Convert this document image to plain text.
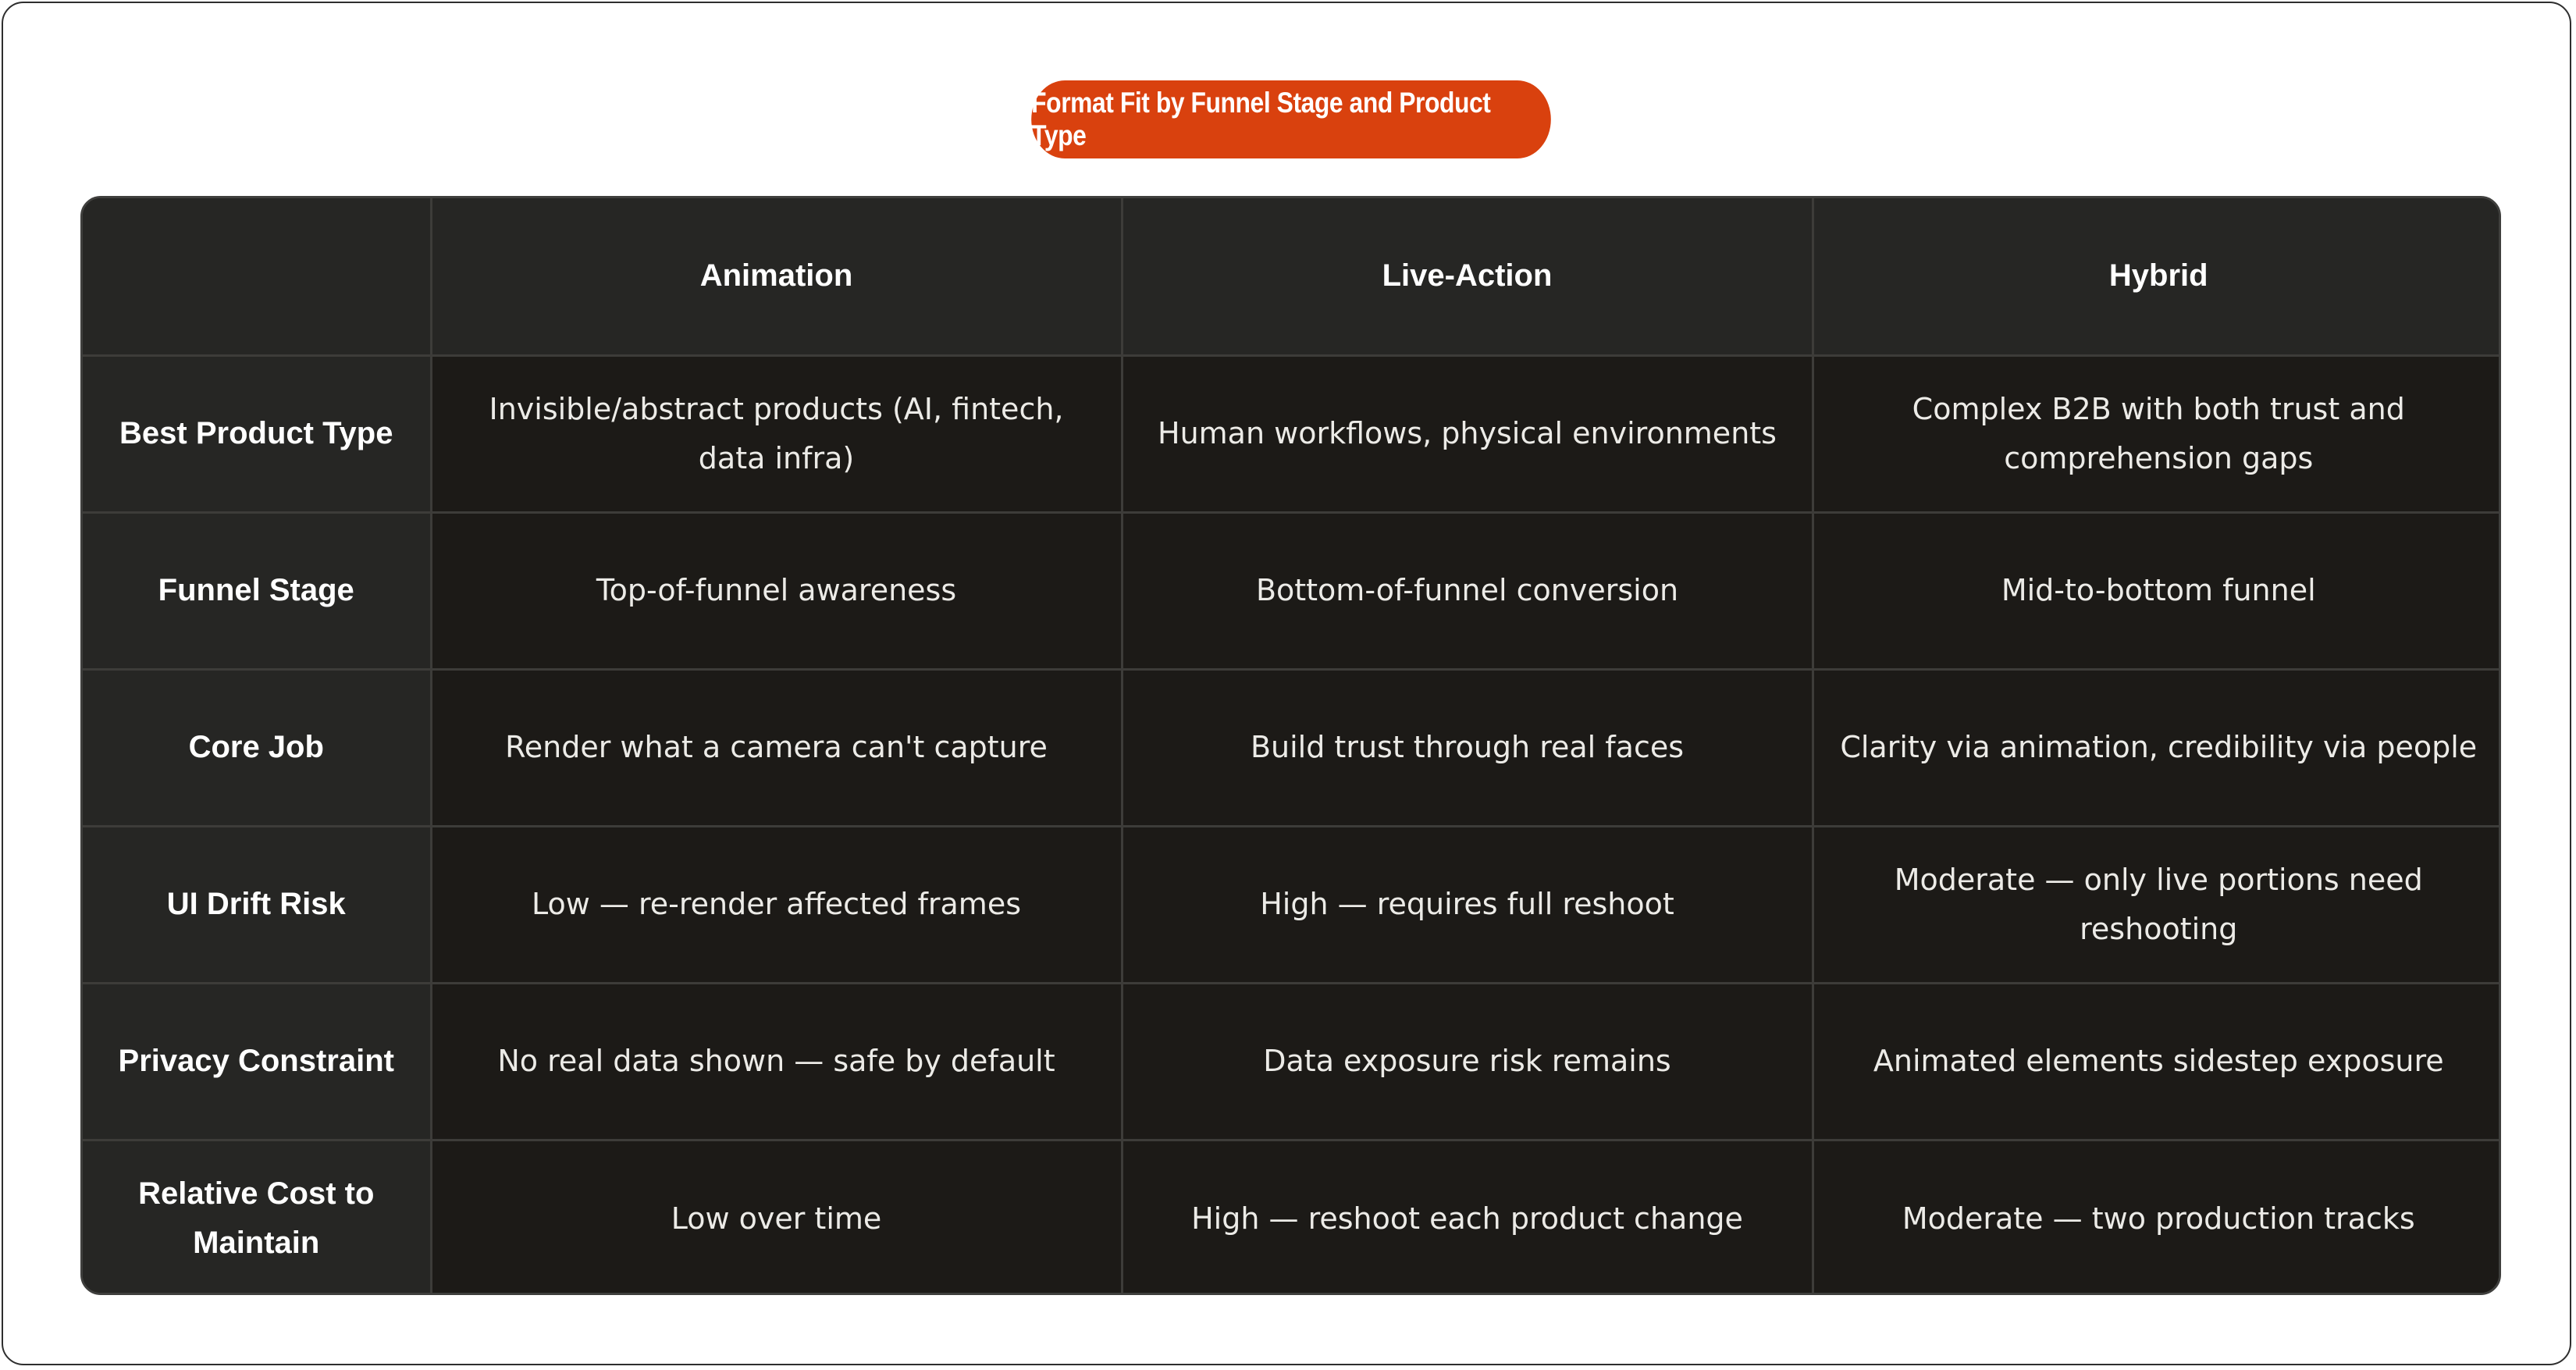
Format Fit by Funnel Stage and Product Type
	Animation	Live-Action	Hybrid
Best Product Type	Invisible/abstract products (AI, fintech, data infra)	Human workflows, physical environments	Complex B2B with both trust and comprehension gaps
Funnel Stage	Top-of-funnel awareness	Bottom-of-funnel conversion	Mid-to-bottom funnel
Core Job	Render what a camera can't capture	Build trust through real faces	Clarity via animation, credibility via people
UI Drift Risk	Low — re-render affected frames	High — requires full reshoot	Moderate — only live portions need reshooting
Privacy Constraint	No real data shown — safe by default	Data exposure risk remains	Animated elements sidestep exposure
Relative Cost to Maintain	Low over time	High — reshoot each product change	Moderate — two production tracks
